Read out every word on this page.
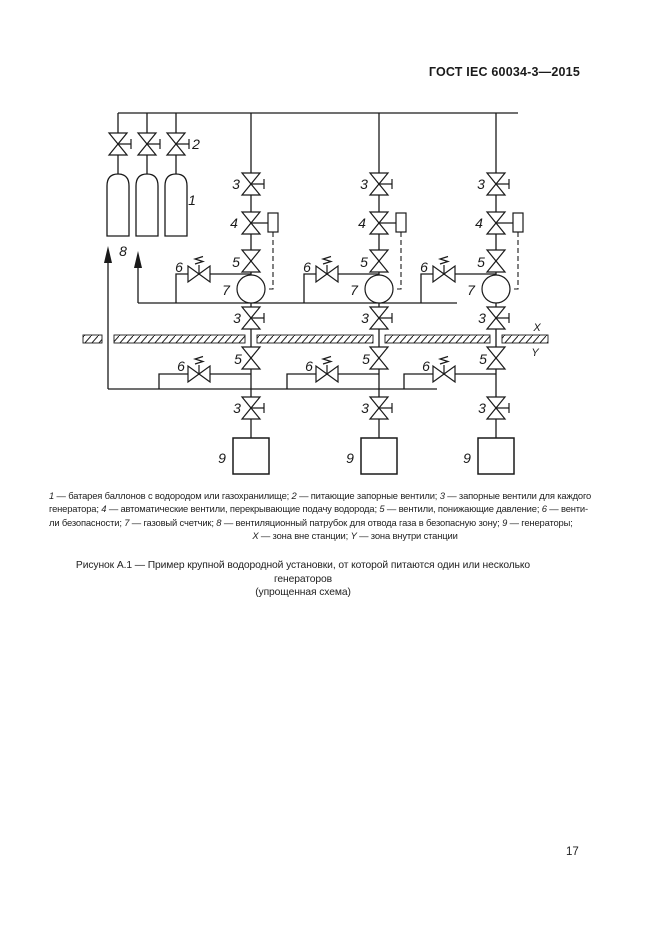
ГОСТ IEC 60034-3—2015
2
1
8
X
Y
3
4
5
6
7
3
5
6
3
9
3
4
5
6
7
3
5
6
3
9
3
4
5
6
7
3
5
6
3
9
1 — батарея баллонов с водородом или газохранилище; 2 — питающие запорные вентили; 3 — запорные вентили для каждого
генератора; 4 — автоматические вентили, перекрывающие подачу водорода; 5 — вентили, понижающие давление; 6 — венти-
ли безопасности; 7 — газовый счетчик; 8 — вентиляционный патрубок для отвода газа в безопасную зону; 9 — генераторы;
X — зона вне станции; Y — зона внутри станции
Рисунок А.1 — Пример крупной водородной установки, от которой питаются один или несколько генераторов
(упрощенная схема)
17
